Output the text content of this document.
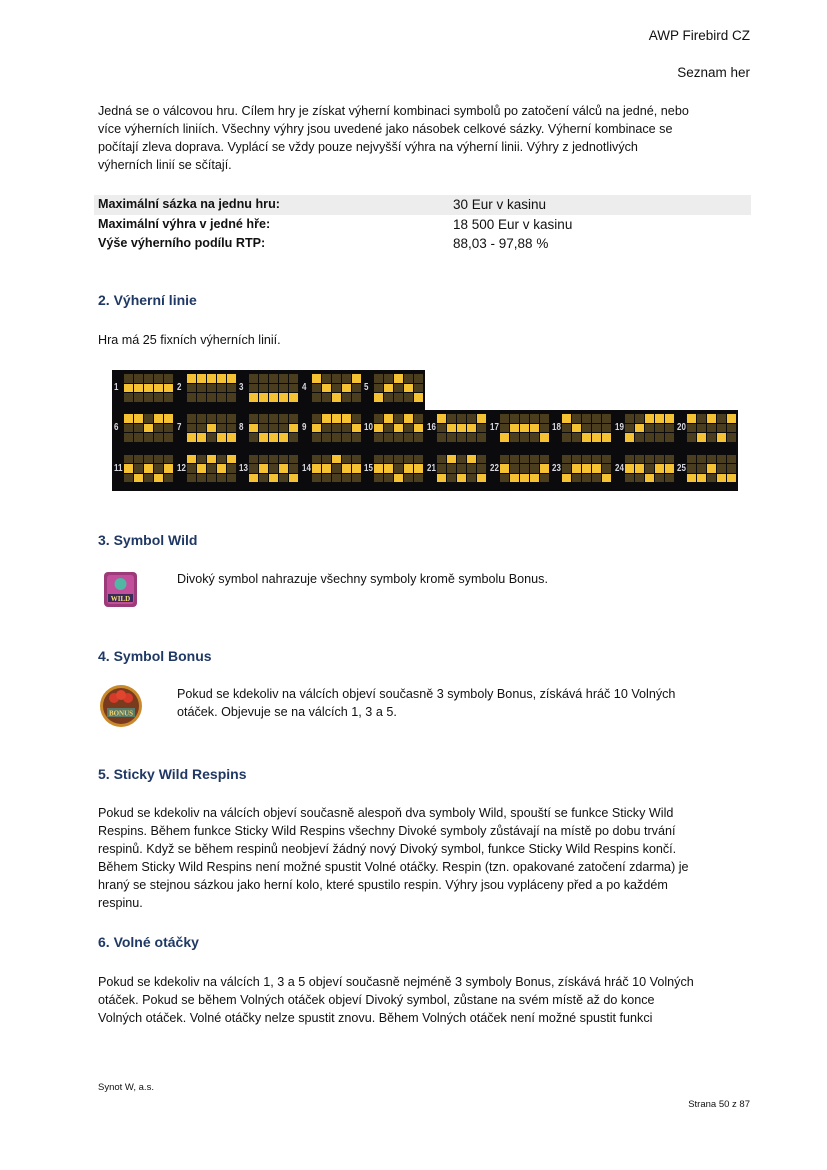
AWP Firebird CZ
Seznam her
Jedná se o válcovou hru. Cílem hry je získat výherní kombinaci symbolů po zatočení válců na jedné, nebo
více výherních liniích. Všechny výhry jsou uvedené jako násobek celkové sázky. Výherní kombinace se
počítají zleva doprava. Vyplácí se vždy pouze nejvyšší výhra na výherní linii. Výhry z jednotlivých
výherních linií se sčítají.
Maximální sázka na jednu hru:	30 Eur v kasinu
Maximální výhra v jedné hře:	18 500 Eur v kasinu
Výše výherního podílu RTP:	88,03 - 97,88 %
2. Výherní linie
Hra má 25 fixních výherních linií.
1	2	3	4	5
6	7	8	9	10
11	12	13	14	15
16	17	18	19	20
21	22	23	24	25
3. Symbol Wild
WILD
Divoký symbol nahrazuje všechny symboly kromě symbolu Bonus.
4. Symbol Bonus
BONUS
Pokud se kdekoliv na válcích objeví současně 3 symboly Bonus, získává hráč 10 Volných
otáček. Objevuje se na válcích 1, 3 a 5.
5. Sticky Wild Respins
Pokud se kdekoliv na válcích objeví současně alespoň dva symboly Wild, spouští se funkce Sticky Wild
Respins. Během funkce Sticky Wild Respins všechny Divoké symboly zůstávají na místě po dobu trvání
respinů. Když se během respinů neobjeví žádný nový Divoký symbol, funkce Sticky Wild Respins končí.
Během Sticky Wild Respins není možné spustit Volné otáčky. Respin (tzn. opakované zatočení zdarma) je
hraný se stejnou sázkou jako herní kolo, které spustilo respin. Výhry jsou vypláceny před a po každém
respinu.
6. Volné otáčky
Pokud se kdekoliv na válcích 1, 3 a 5 objeví současně nejméně 3 symboly Bonus, získává hráč 10 Volných
otáček. Pokud se během Volných otáček objeví Divoký symbol, zůstane na svém místě až do konce
Volných otáček. Volné otáčky nelze spustit znovu. Během Volných otáček není možné spustit funkci
Synot W, a.s.
Strana 50 z 87
